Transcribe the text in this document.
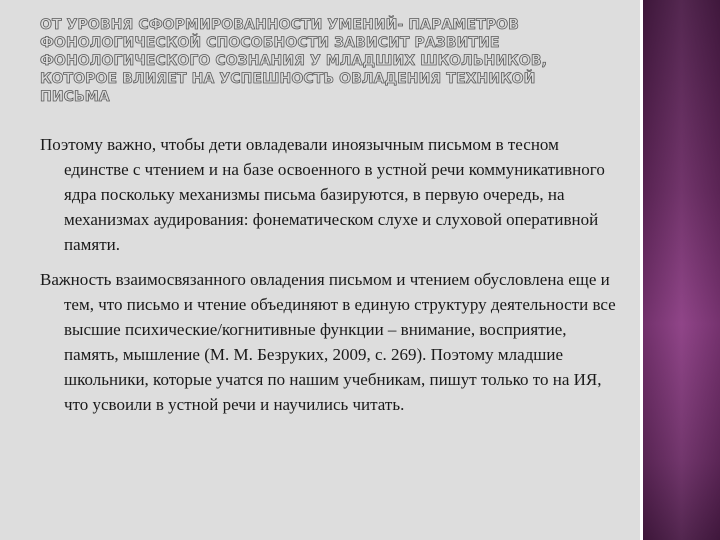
ОТ УРОВНЯ СФОРМИРОВАННОСТИ УМЕНИЙ- ПАРАМЕТРОВ ФОНОЛОГИЧЕСКОЙ СПОСОБНОСТИ ЗАВИСИТ РАЗВИТИЕ ФОНОЛОГИЧЕСКОГО СОЗНАНИЯ У МЛАДШИХ ШКОЛЬНИКОВ, КОТОРОЕ ВЛИЯЕТ НА УСПЕШНОСТЬ ОВЛАДЕНИЯ ТЕХНИКОЙ ПИСЬМА

Поэтому важно, чтобы дети овладевали иноязычным письмом в тесном единстве с чтением и на базе освоенного в устной речи коммуникативного ядра поскольку механизмы письма базируются, в первую очередь, на механизмах аудирования: фонематическом слухе и слуховой оперативной памяти.

Важность взаимосвязанного овладения письмом и чтением обусловлена еще и тем, что письмо и чтение объединяют в единую структуру деятельности все высшие психические/когнитивные функции – внимание, восприятие, память, мышление (М. М. Безруких, 2009, с. 269). Поэтому младшие школьники, которые учатся по нашим учебникам, пишут только то на ИЯ, что усвоили в устной речи и научились читать.
